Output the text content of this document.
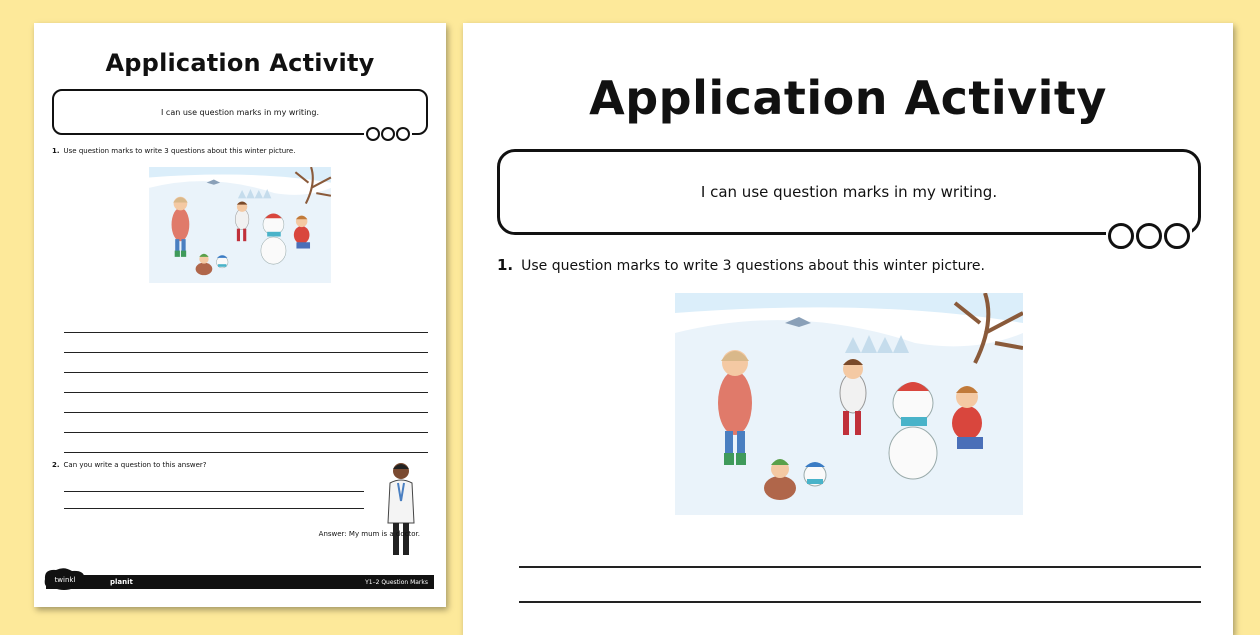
Application Activity
I can use question marks in my writing.
1. Use question marks to write 3 questions about this winter picture.
2. Can you write a question to this answer?
Answer: My mum is a doctor.
twinkl	planit	Y1–2 Question Marks
Application Activity
I can use question marks in my writing.
1. Use question marks to write 3 questions about this winter picture.
